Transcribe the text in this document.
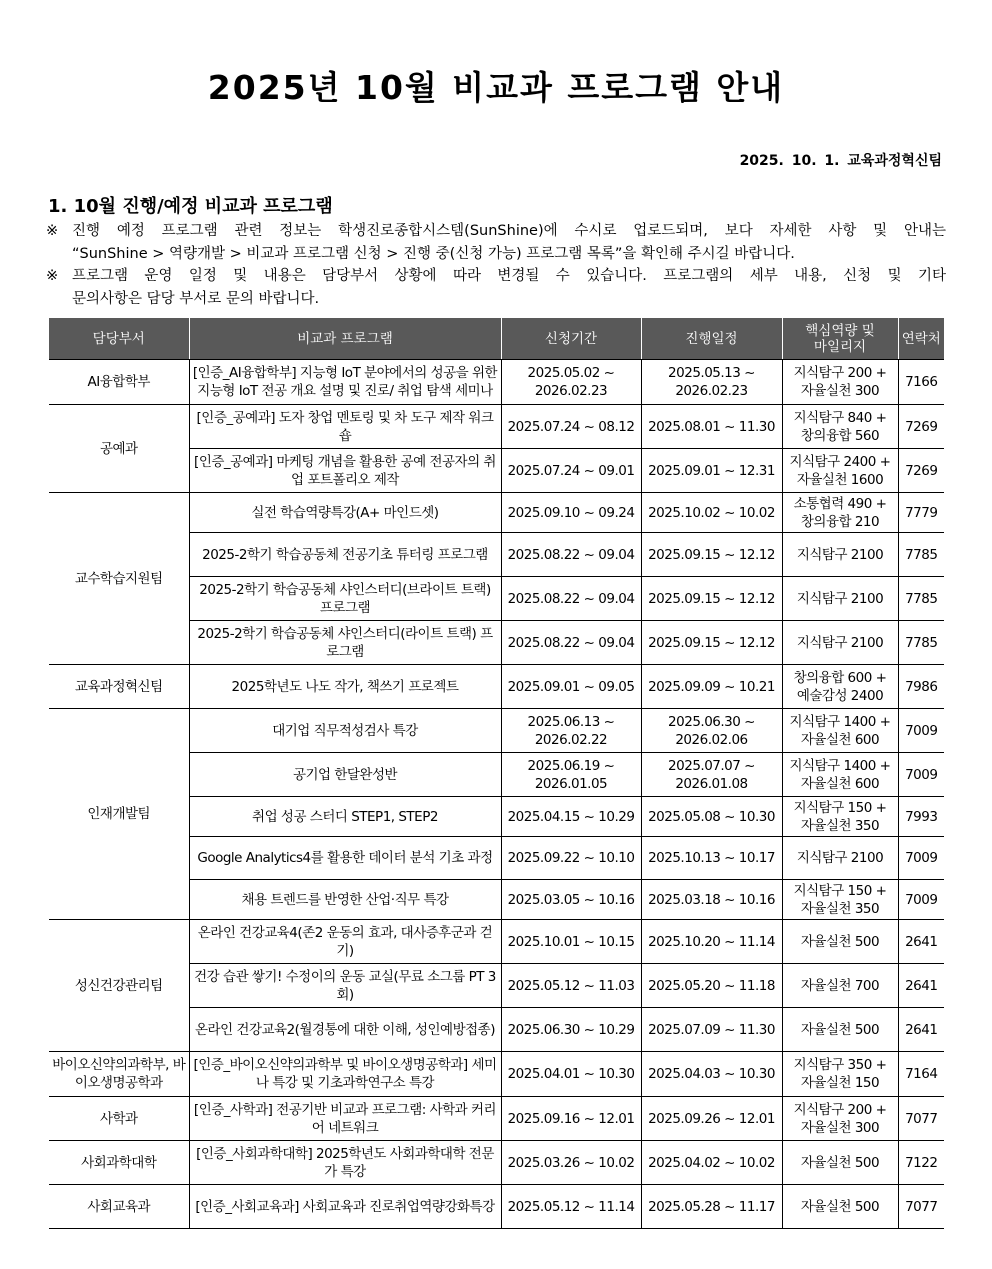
2025년 10월 비교과 프로그램 안내
2025. 10. 1. 교육과정혁신팀
1. 10월 진행/예정 비교과 프로그램
※ 진행 예정 프로그램 관련 정보는 학생진로종합시스템(SunShine)에 수시로 업로드되며, 보다 자세한 사항 및 안내는
“SunShine > 역량개발 > 비교과 프로그램 신청 > 진행 중(신청 가능) 프로그램 목록”을 확인해 주시길 바랍니다.
※ 프로그램 운영 일정 및 내용은 담당부서 상황에 따라 변경될 수 있습니다. 프로그램의 세부 내용, 신청 및 기타
문의사항은 담당 부서로 문의 바랍니다.
담당부서	비교과 프로그램	신청기간	진행일정	핵심역량 및
마일리지	연락처
AI융합학부	[인증_AI융합학부] 지능형 IoT 분야에서의 성공을 위한 지능형 IoT 전공 개요 설명 및 진로/ 취업 탐색 세미나	2025.05.02 ~ 2026.02.23	2025.05.13 ~ 2026.02.23	지식탐구 200 + 자율실천 300	7166
공예과	[인증_공예과] 도자 창업 멘토링 및 차 도구 제작 워크숍	2025.07.24 ~ 08.12	2025.08.01 ~ 11.30	지식탐구 840 + 창의융합 560	7269
	[인증_공예과] 마케팅 개념을 활용한 공예 전공자의 취업 포트폴리오 제작	2025.07.24 ~ 09.01	2025.09.01 ~ 12.31	지식탐구 2400 + 자율실천 1600	7269
교수학습지원팀	실전 학습역량특강(A+ 마인드셋)	2025.09.10 ~ 09.24	2025.10.02 ~ 10.02	소통협력 490 + 창의융합 210	7779
	2025-2학기 학습공동체 전공기초 튜터링 프로그램	2025.08.22 ~ 09.04	2025.09.15 ~ 12.12	지식탐구 2100	7785
	2025-2학기 학습공동체 샤인스터디(브라이트 트랙) 프로그램	2025.08.22 ~ 09.04	2025.09.15 ~ 12.12	지식탐구 2100	7785
	2025-2학기 학습공동체 샤인스터디(라이트 트랙) 프로그램	2025.08.22 ~ 09.04	2025.09.15 ~ 12.12	지식탐구 2100	7785
교육과정혁신팀	2025학년도 나도 작가, 책쓰기 프로젝트	2025.09.01 ~ 09.05	2025.09.09 ~ 10.21	창의융합 600 + 예술감성 2400	7986
인재개발팀	대기업 직무적성검사 특강	2025.06.13 ~ 2026.02.22	2025.06.30 ~ 2026.02.06	지식탐구 1400 + 자율실천 600	7009
	공기업 한달완성반	2025.06.19 ~ 2026.01.05	2025.07.07 ~ 2026.01.08	지식탐구 1400 + 자율실천 600	7009
	취업 성공 스터디 STEP1, STEP2	2025.04.15 ~ 10.29	2025.05.08 ~ 10.30	지식탐구 150 + 자율실천 350	7993
	Google Analytics4를 활용한 데이터 분석 기초 과정	2025.09.22 ~ 10.10	2025.10.13 ~ 10.17	지식탐구 2100	7009
	채용 트렌드를 반영한 산업·직무 특강	2025.03.05 ~ 10.16	2025.03.18 ~ 10.16	지식탐구 150 + 자율실천 350	7009
성신건강관리팀	온라인 건강교육4(존2 운동의 효과, 대사증후군과 걷기)	2025.10.01 ~ 10.15	2025.10.20 ~ 11.14	자율실천 500	2641
	건강 습관 쌓기! 수정이의 운동 교실(무료 소그룹 PT 3회)	2025.05.12 ~ 11.03	2025.05.20 ~ 11.18	자율실천 700	2641
	온라인 건강교육2(월경통에 대한 이해, 성인예방접종)	2025.06.30 ~ 10.29	2025.07.09 ~ 11.30	자율실천 500	2641
바이오신약의과학부, 바이오생명공학과	[인증_바이오신약의과학부 및 바이오생명공학과] 세미나 특강 및 기초과학연구소 특강	2025.04.01 ~ 10.30	2025.04.03 ~ 10.30	지식탐구 350 + 자율실천 150	7164
사학과	[인증_사학과] 전공기반 비교과 프로그램: 사학과 커리어 네트워크	2025.09.16 ~ 12.01	2025.09.26 ~ 12.01	지식탐구 200 + 자율실천 300	7077
사회과학대학	[인증_사회과학대학] 2025학년도 사회과학대학 전문가 특강	2025.03.26 ~ 10.02	2025.04.02 ~ 10.02	자율실천 500	7122
사회교육과	[인증_사회교육과] 사회교육과 진로취업역량강화특강	2025.05.12 ~ 11.14	2025.05.28 ~ 11.17	자율실천 500	7077
